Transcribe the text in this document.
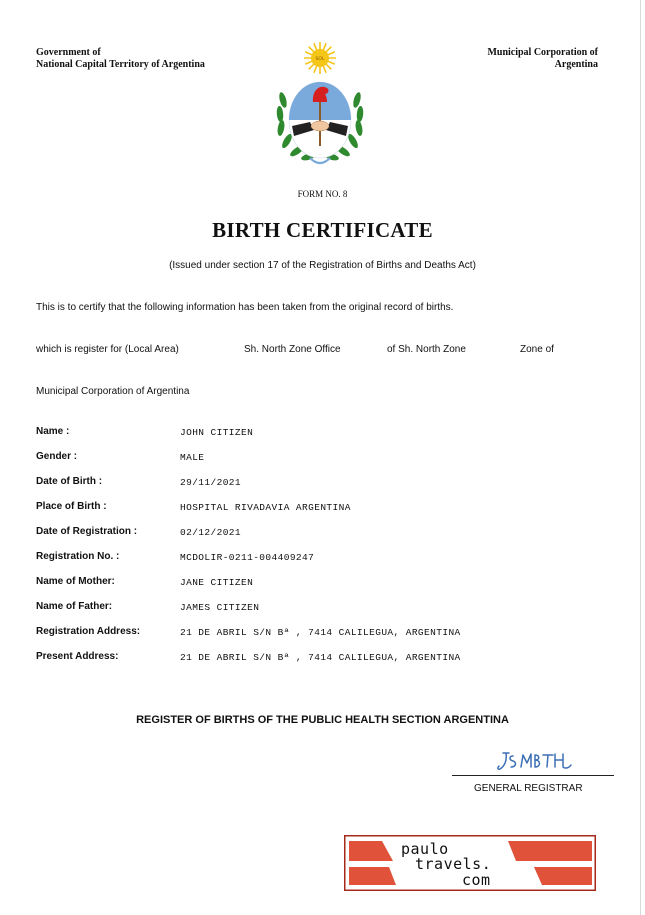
Government of
National Capital Territory of Argentina
Municipal Corporation of
Argentina
SOL
FORM NO. 8
BIRTH CERTIFICATE
(Issued under section 17 of the Registration of Births and Deaths Act)
This is to certify that the following information has been taken from the original record of births.
which is register for (Local Area)	Sh. North Zone Office	of Sh. North Zone	Zone of
Municipal Corporation of Argentina
Name :	JOHN CITIZEN
Gender :	MALE
Date of Birth :	29/11/2021
Place of Birth :	HOSPITAL RIVADAVIA ARGENTINA
Date of Registration :	02/12/2021
Registration No. :	MCDOLIR-0211-004409247
Name of Mother:	JANE CITIZEN
Name of Father:	JAMES CITIZEN
Registration Address:	21 DE ABRIL S/N Bª , 7414 CALILEGUA, ARGENTINA
Present Address:	21 DE ABRIL S/N Bª , 7414 CALILEGUA, ARGENTINA
REGISTER OF BIRTHS OF THE PUBLIC HEALTH SECTION ARGENTINA
GENERAL REGISTRAR
paulo
travels.
com
